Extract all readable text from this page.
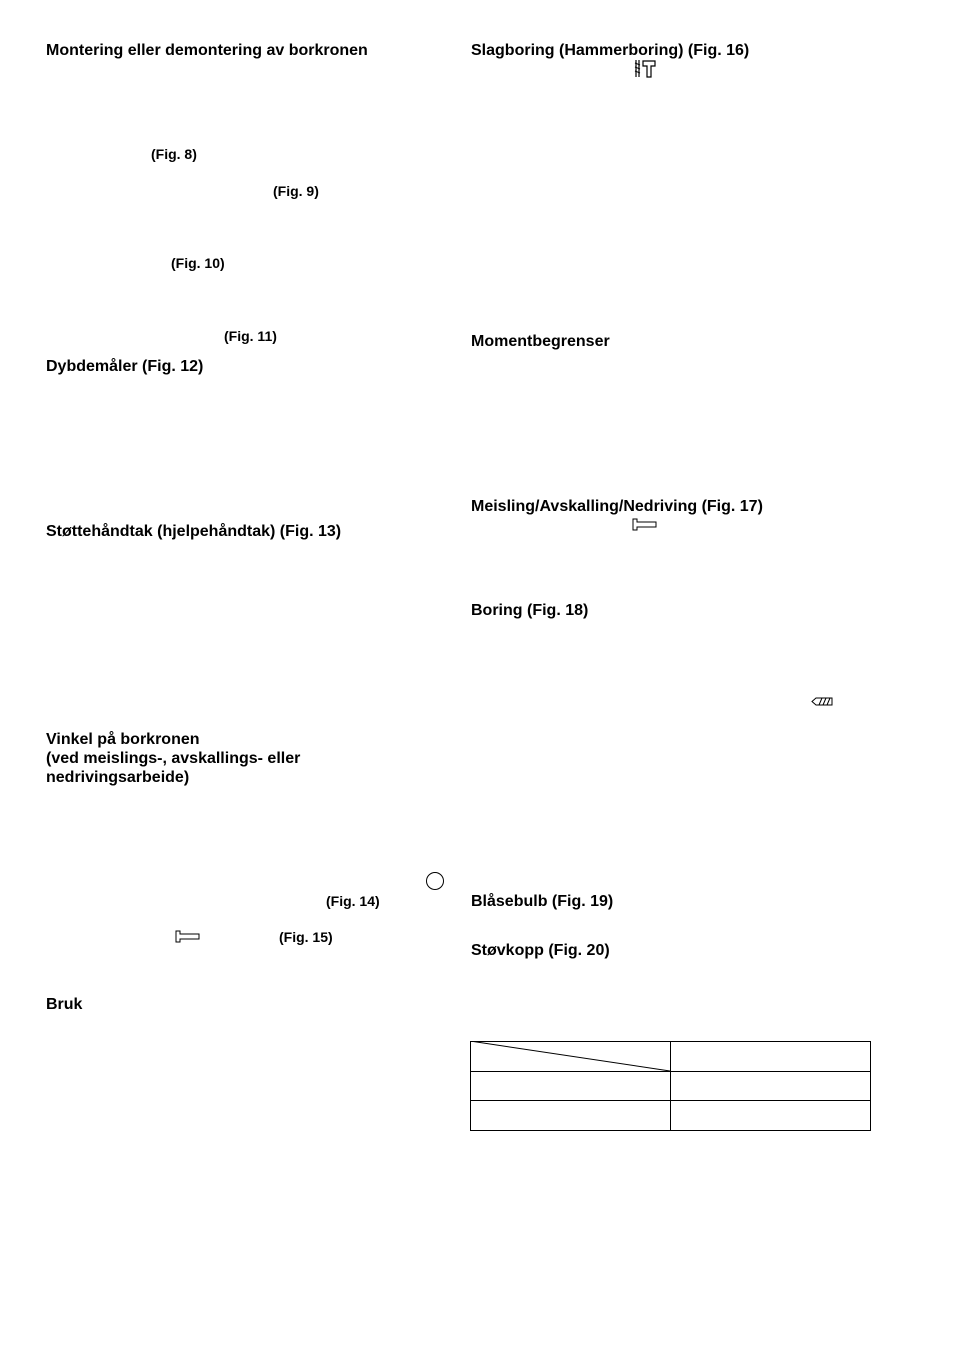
Montering eller demontering av borkronen
(Fig. 8)
(Fig. 9)
(Fig. 10)
(Fig. 11)
Dybdemåler (Fig. 12)
Støttehåndtak (hjelpehåndtak) (Fig. 13)
Vinkel på borkronen
(ved meislings-, avskallings- eller
nedrivingsarbeide)
(Fig. 14)
(Fig. 15)
Bruk
Slagboring (Hammerboring) (Fig. 16)
Momentbegrenser
Meisling/Avskalling/Nedriving (Fig. 17)
Boring (Fig. 18)
Blåsebulb (Fig. 19)
Støvkopp (Fig. 20)
